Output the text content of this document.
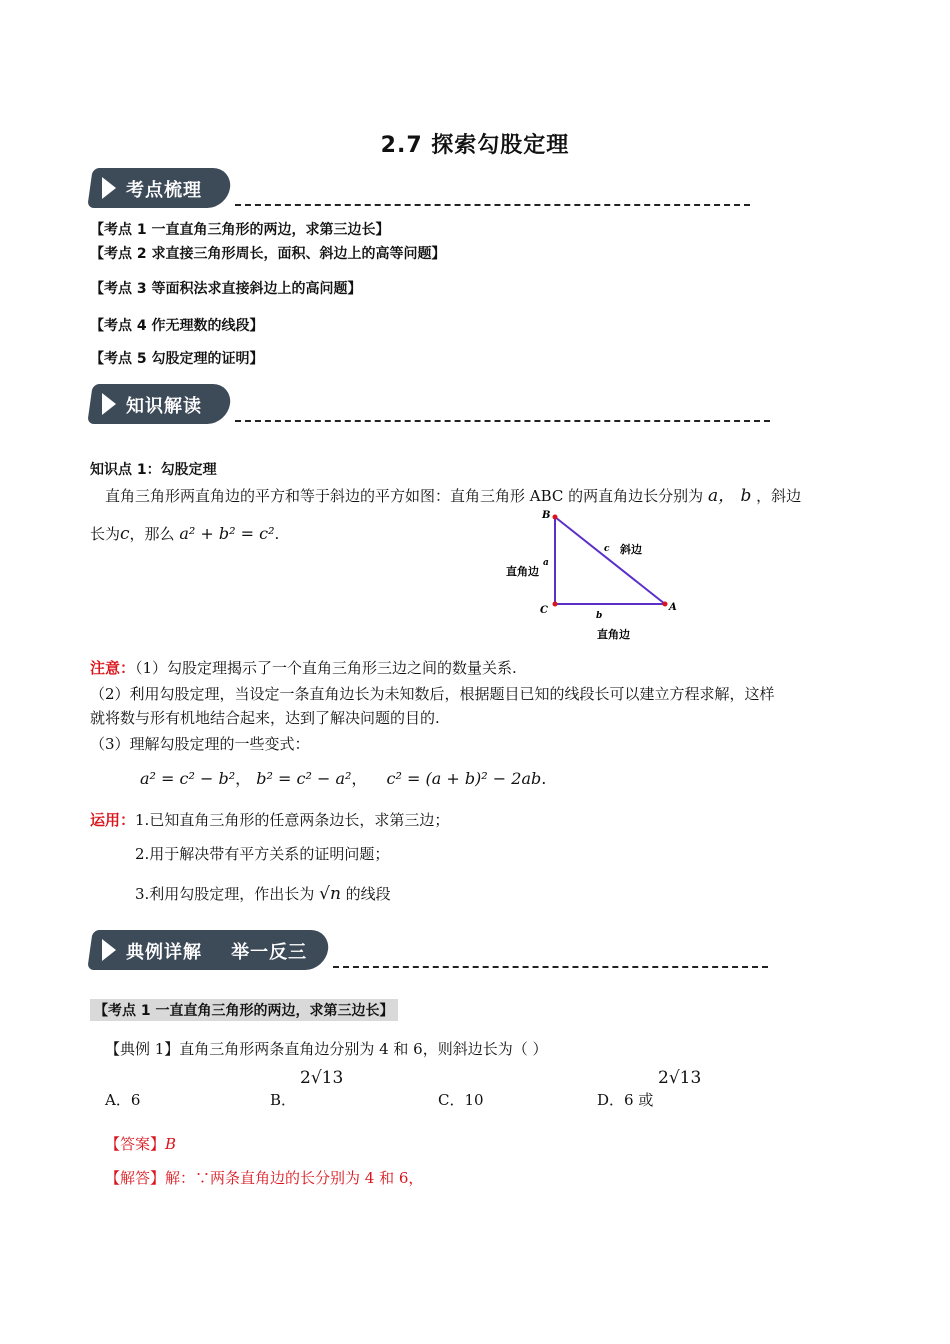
2.7 探索勾股定理
考点梳理
【考点 1 一直直角三角形的两边，求第三边长】
【考点 2 求直接三角形周长，面积、斜边上的高等问题】
【考点 3 等面积法求直接斜边上的高问题】
【考点 4 作无理数的线段】
【考点 5 勾股定理的证明】
知识解读
知识点 1：勾股定理
直角三角形两直角边的平方和等于斜边的平方如图：直角三角形 ABC 的两直角边长分别为 a， b ，斜边
长为c，那么 a² + b² = c².
B
C	A
a
b
c 斜边
直角边
直角边
注意：（1）勾股定理揭示了一个直角三角形三边之间的数量关系.
（2）利用勾股定理，当设定一条直角边长为未知数后，根据题目已知的线段长可以建立方程求解，这样
就将数与形有机地结合起来，达到了解决问题的目的.
（3）理解勾股定理的一些变式：
a² = c² − b²， b² = c² − a²， c² = (a + b)² − 2ab.
运用：1.已知直角三角形的任意两条边长，求第三边；
2.用于解决带有平方关系的证明问题；
3.利用勾股定理，作出长为 √n 的线段
典例详解    举一反三
【考点 1 一直直角三角形的两边，求第三边长】
【典例 1】直角三角形两条直角边分别为 4 和 6，则斜边长为（ ）
A．6	B．
2√13
C．10	D．6 或
2√13
【答案】B
【解答】解：∵两条直角边的长分别为 4 和 6，
